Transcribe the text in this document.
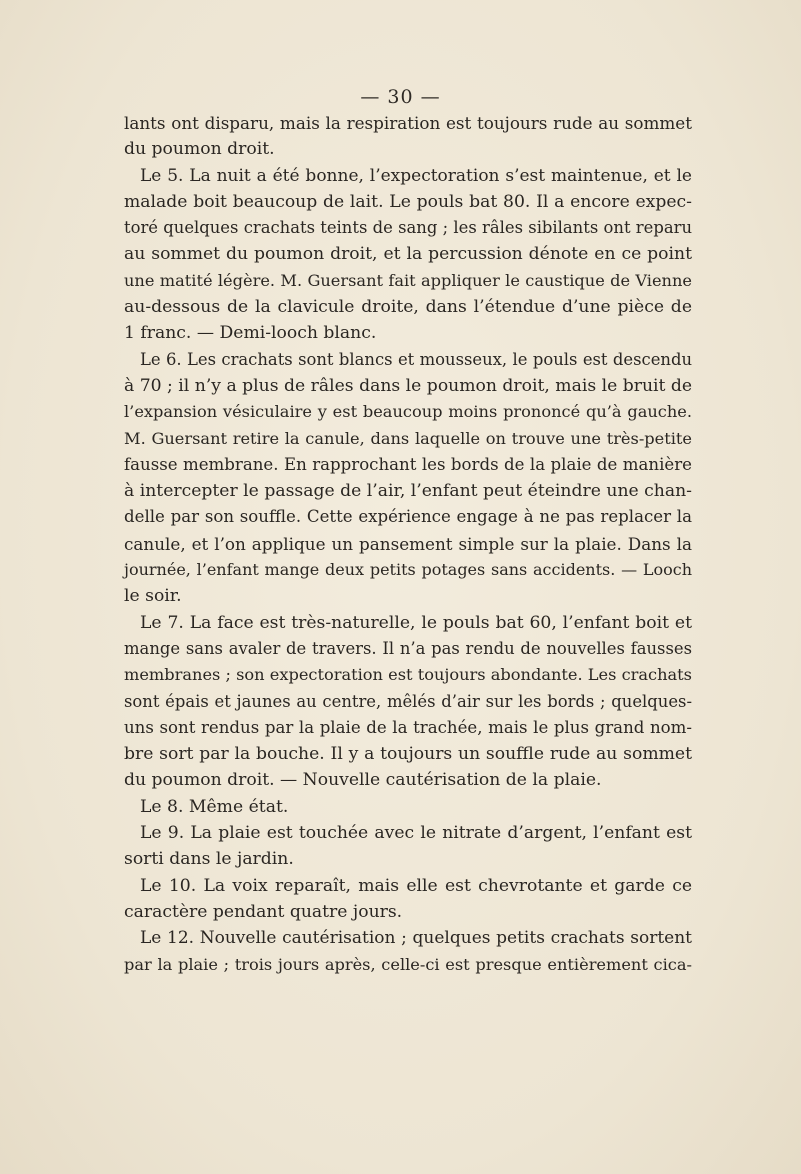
— 30 —
lants ont disparu, mais la respiration est toujours rude au sommet
du poumon droit.
Le 5. La nuit a été bonne, l’expectoration s’est maintenue, et le
malade boit beaucoup de lait. Le pouls bat 80. Il a encore expec-
toré quelques crachats teints de sang ; les râles sibilants ont reparu
au sommet du poumon droit, et la percussion dénote en ce point
une matité légère. M. Guersant fait appliquer le caustique de Vienne
au-dessous de la clavicule droite, dans l’étendue d’une pièce de
1 franc. — Demi-looch blanc.
Le 6. Les crachats sont blancs et mousseux, le pouls est descendu
à 70 ; il n’y a plus de râles dans le poumon droit, mais le bruit de
l’expansion vésiculaire y est beaucoup moins prononcé qu’à gauche.
M. Guersant retire la canule, dans laquelle on trouve une très-petite
fausse membrane. En rapprochant les bords de la plaie de manière
à intercepter le passage de l’air, l’enfant peut éteindre une chan-
delle par son souffle. Cette expérience engage à ne pas replacer la
canule, et l’on applique un pansement simple sur la plaie. Dans la
journée, l’enfant mange deux petits potages sans accidents. — Looch
le soir.
Le 7. La face est très-naturelle, le pouls bat 60, l’enfant boit et
mange sans avaler de travers. Il n’a pas rendu de nouvelles fausses
membranes ; son expectoration est toujours abondante. Les crachats
sont épais et jaunes au centre, mêlés d’air sur les bords ; quelques-
uns sont rendus par la plaie de la trachée, mais le plus grand nom-
bre sort par la bouche. Il y a toujours un souffle rude au sommet
du poumon droit. — Nouvelle cautérisation de la plaie.
Le 8. Même état.
Le 9. La plaie est touchée avec le nitrate d’argent, l’enfant est
sorti dans le jardin.
Le 10. La voix reparaît, mais elle est chevrotante et garde ce
caractère pendant quatre jours.
Le 12. Nouvelle cautérisation ; quelques petits crachats sortent
par la plaie ; trois jours après, celle-ci est presque entièrement cica-
